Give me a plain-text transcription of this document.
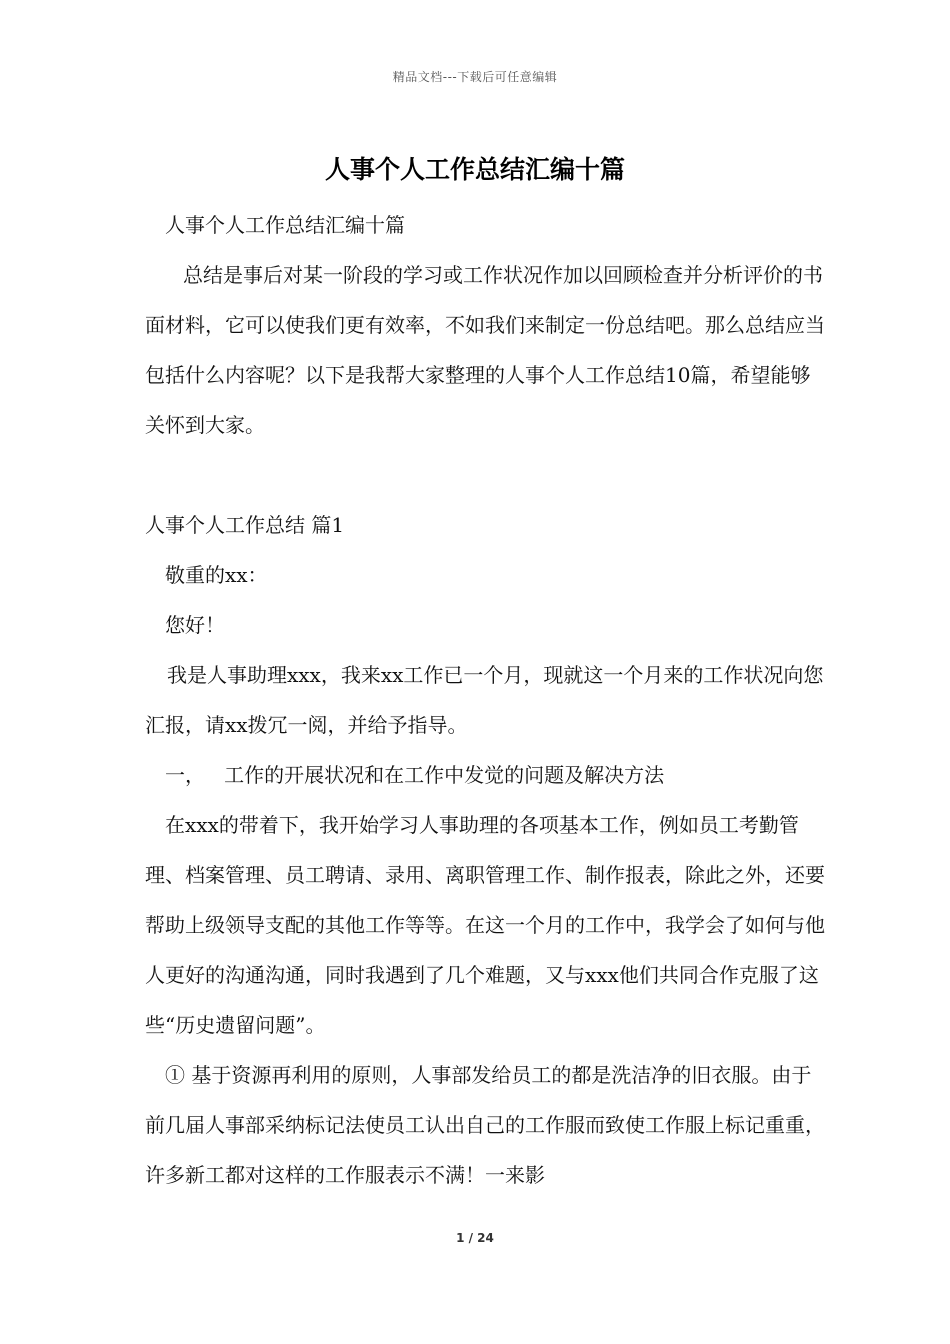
精品文档---下载后可任意编辑
人事个人工作总结汇编十篇

人事个人工作总结汇编十篇

总结是事后对某一阶段的学习或工作状况作加以回顾检查并分析评价的书面材料，它可以使我们更有效率，不如我们来制定一份总结吧。那么总结应当包括什么内容呢？以下是我帮大家整理的人事个人工作总结10篇，希望能够关怀到大家。

人事个人工作总结 篇1

敬重的xx：

您好！

我是人事助理xxx，我来xx工作已一个月，现就这一个月来的工作状况向您汇报，请xx拨冗一阅，并给予指导。

一，   工作的开展状况和在工作中发觉的问题及解决方法

在xxx的带着下，我开始学习人事助理的各项基本工作，例如员工考勤管理、档案管理、员工聘请、录用、离职管理工作、制作报表，除此之外，还要帮助上级领导支配的其他工作等等。在这一个月的工作中，我学会了如何与他人更好的沟通沟通，同时我遇到了几个难题，又与xxx他们共同合作克服了这些“历史遗留问题”。

① 基于资源再利用的原则，人事部发给员工的都是洗洁净的旧衣服。由于前几届人事部采纳标记法使员工认出自己的工作服而致使工作服上标记重重，许多新工都对这样的工作服表示不满！一来影

1 / 24
